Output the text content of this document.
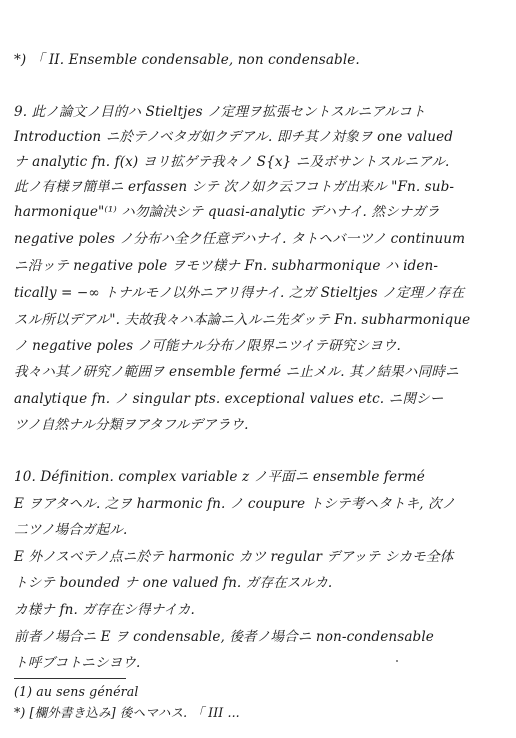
*) 「 II. Ensemble condensable, non condensable.
9. 此ノ論文ノ目的ハ Stieltjes ノ定理ヲ拡張セントスルニアルコト
Introduction ニ於テノベタガ如クデアル. 即チ其ノ対象ヲ one valued
ナ analytic fn. f(x) ヨリ拡ゲテ我々ノ S{x} ニ及ボサントスルニアル.
此ノ有様ヲ簡単ニ erfassen シテ 次ノ如ク云フコトガ出来ル "Fn. sub-
harmonique"⁽¹⁾ ハ勿論決シテ quasi-analytic デハナイ. 然シナガラ
negative poles ノ分布ハ全ク任意デハナイ. タトヘバ一ツノ continuum
ニ沿ッテ negative pole ヲモツ様ナ Fn. subharmonique ハ iden-
tically = −∞ トナルモノ以外ニアリ得ナイ. 之ガ Stieltjes ノ定理ノ存在
スル所以デアル". 夫故我々ハ本論ニ入ルニ先ダッテ Fn. subharmonique
ノ negative poles ノ可能ナル分布ノ限界ニツイテ研究シヨウ.
我々ハ其ノ研究ノ範囲ヲ ensemble fermé ニ止メル. 其ノ結果ハ同時ニ
analytique fn. ノ singular pts. exceptional values etc. ニ関シー
ツノ自然ナル分類ヲアタフルデアラウ.
10. Définition. complex variable z ノ平面ニ ensemble fermé
E ヲアタヘル. 之ヲ harmonic fn. ノ coupure トシテ考ヘタトキ, 次ノ
二ツノ場合ガ起ル.
E 外ノスベテノ点ニ於テ harmonic カツ regular デアッテ シカモ全体
トシテ bounded ナ one valued fn. ガ存在スルカ.
カ様ナ fn. ガ存在シ得ナイカ.
前者ノ場合ニ E ヲ condensable, 後者ノ場合ニ non-condensable
ト呼ブコトニシヨウ.
(1) au sens général
*) [欄外書き込み] 後ヘマハス. 「 III ...
